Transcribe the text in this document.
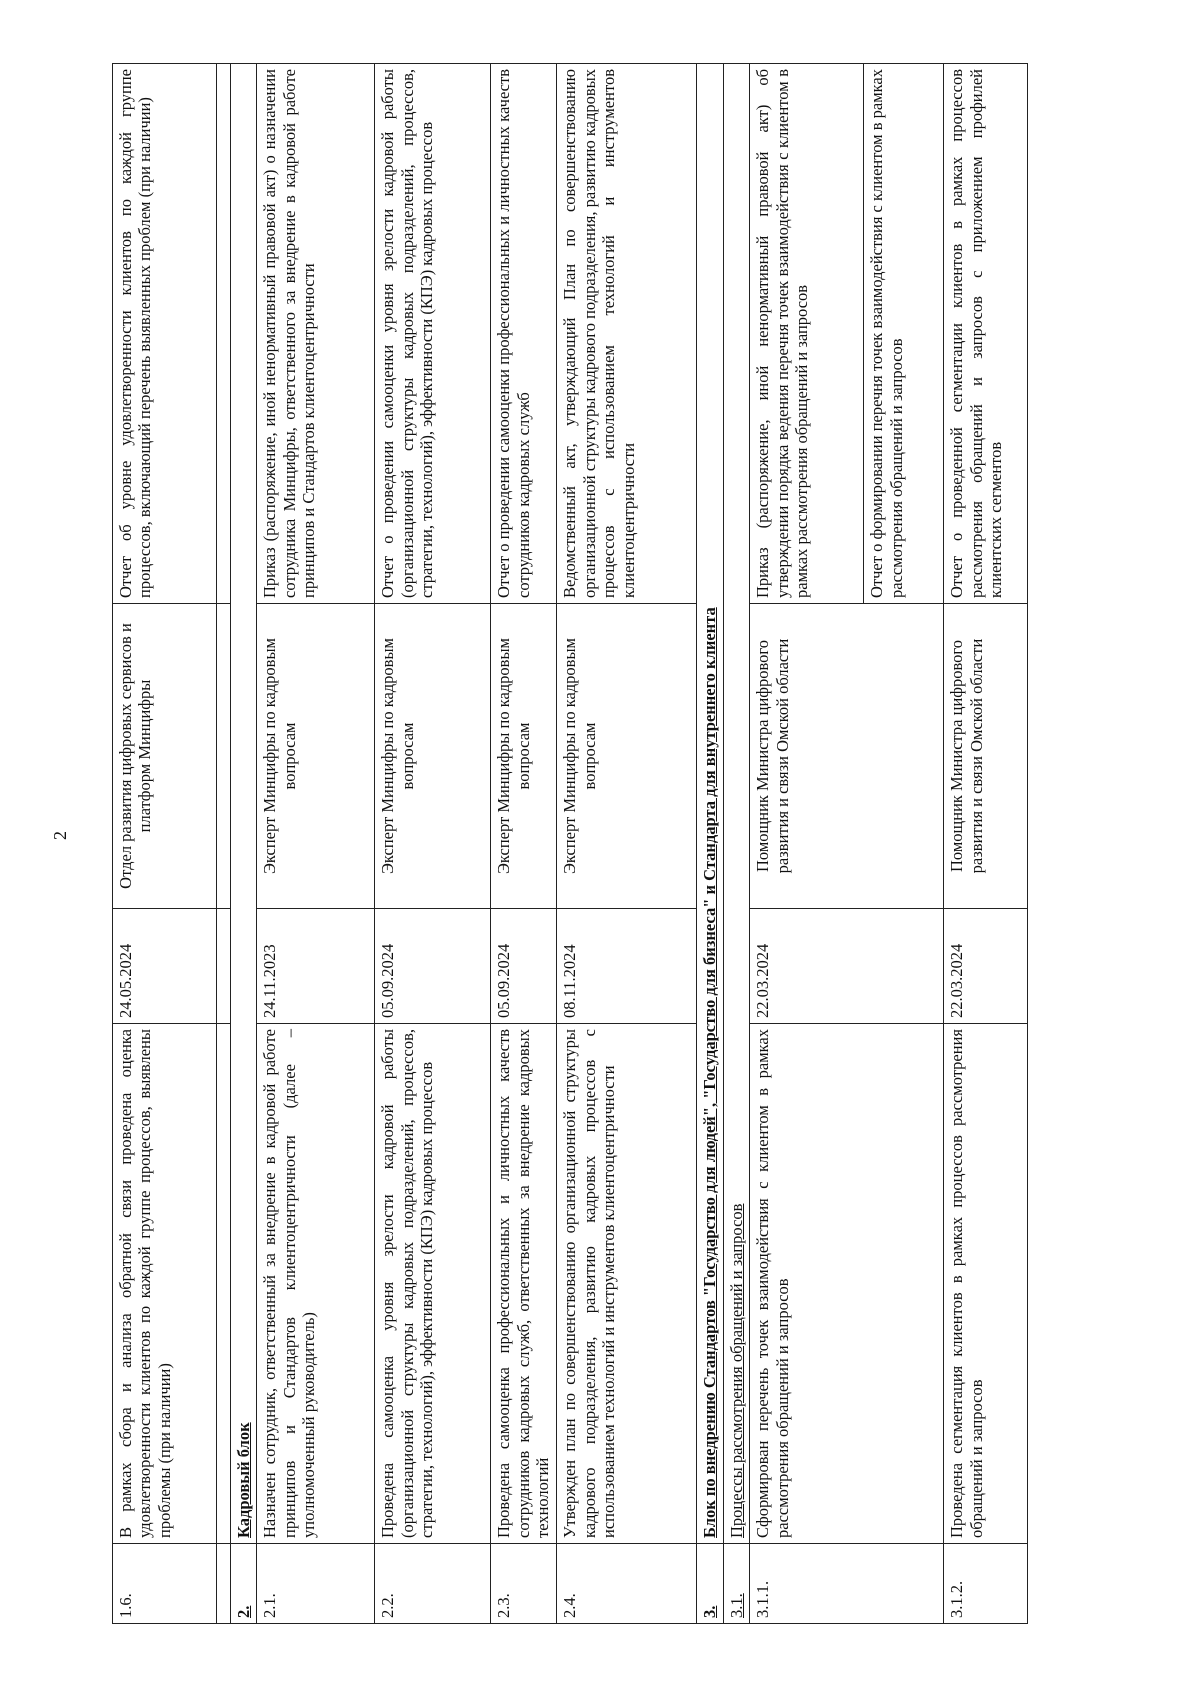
2
1.6.	В рамках сбора и анализа обратной связи проведена оценка удовлетворенности клиентов по каждой группе процессов, выявлены проблемы (при наличии)	24.05.2024	Отдел развития цифровых сервисов и платформ Минцифры	Отчет об уровне удовлетворенности клиентов по каждой группе процессов, включающий перечень выявленных проблем (при наличии)

2.	Кадровый блок			
2.1.	Назначен сотрудник, ответственный за внедрение в кадровой работе принципов и Стандартов клиентоцентричности (далее – уполномоченный руководитель)	24.11.2023	Эксперт Минцифры по кадровым вопросам	Приказ (распоряжение, иной ненормативный правовой акт) о назначении сотрудника Минцифры, ответственного за внедрение в кадровой работе принципов и Стандартов клиентоцентричности
2.2.	Проведена самооценка уровня зрелости кадровой работы (организационной структуры кадровых подразделений, процессов, стратегии, технологий), эффективности (КПЭ) кадровых процессов	05.09.2024	Эксперт Минцифры по кадровым вопросам	Отчет о проведении самооценки уровня зрелости кадровой работы (организационной структуры кадровых подразделений, процессов, стратегии, технологий), эффективности (КПЭ) кадровых процессов
2.3.	Проведена самооценка профессиональных и личностных качеств сотрудников кадровых служб, ответственных за внедрение кадровых технологий	05.09.2024	Эксперт Минцифры по кадровым вопросам	Отчет о проведении самооценки профессиональных и личностных качеств сотрудников кадровых служб
2.4.	Утвержден план по совершенствованию организационной структуры кадрового подразделения, развитию кадровых процессов с использованием технологий и инструментов клиентоцентричности	08.11.2024	Эксперт Минцифры по кадровым вопросам	Ведомственный акт, утверждающий План по совершенствованию организационной структуры кадрового подразделения, развитию кадровых процессов с использованием технологий и инструментов клиентоцентричности
3.	Блок по внедрению Стандартов "Государство для людей", "Государство для бизнеса" и Стандарта для внутреннего клиента			
3.1.	Процессы рассмотрения обращений и запросов			
3.1.1.	Сформирован перечень точек взаимодействия с клиентом в рамках рассмотрения обращений и запросов	22.03.2024	Помощник Министра цифрового развития и связи Омской области	Приказ (распоряжение, иной ненормативный правовой акт) об утверждении порядка ведения перечня точек взаимодействия с клиентом в рамках рассмотрения обращений и запросов
				Отчет о формировании перечня точек взаимодействия с клиентом в рамках рассмотрения обращений и запросов
3.1.2.	Проведена сегментация клиентов в рамках процессов рассмотрения обращений и запросов	22.03.2024	Помощник Министра цифрового развития и связи Омской области	Отчет о проведенной сегментации клиентов в рамках процессов рассмотрения обращений и запросов с приложением профилей клиентских сегментов
